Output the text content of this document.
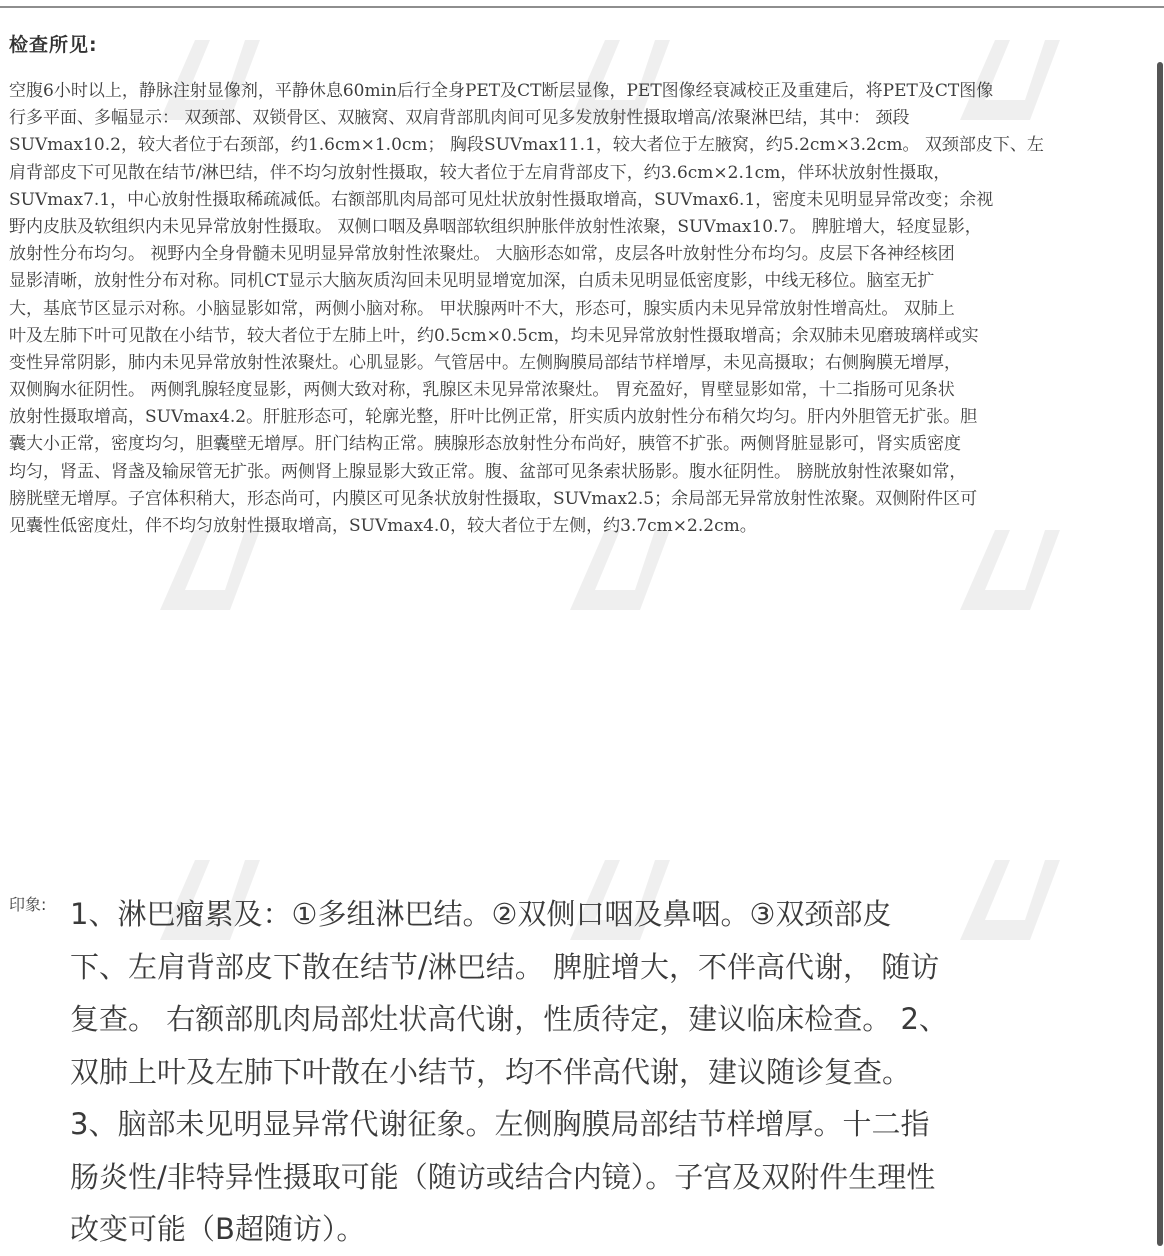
检查所见:
空腹6小时以上，静脉注射显像剂，平静休息60min后行全身PET及CT断层显像，PET图像经衰减校正及重建后，将PET及CT图像
行多平面、多幅显示： 双颈部、双锁骨区、双腋窝、双肩背部肌肉间可见多发放射性摄取增高/浓聚淋巴结，其中： 颈段
SUVmax10.2，较大者位于右颈部，约1.6cm×1.0cm； 胸段SUVmax11.1，较大者位于左腋窝，约5.2cm×3.2cm。 双颈部皮下、左
肩背部皮下可见散在结节/淋巴结，伴不均匀放射性摄取，较大者位于左肩背部皮下，约3.6cm×2.1cm，伴环状放射性摄取，
SUVmax7.1，中心放射性摄取稀疏减低。右额部肌肉局部可见灶状放射性摄取增高，SUVmax6.1，密度未见明显异常改变；余视
野内皮肤及软组织内未见异常放射性摄取。 双侧口咽及鼻咽部软组织肿胀伴放射性浓聚，SUVmax10.7。 脾脏增大，轻度显影，
放射性分布均匀。 视野内全身骨髓未见明显异常放射性浓聚灶。 大脑形态如常，皮层各叶放射性分布均匀。皮层下各神经核团
显影清晰，放射性分布对称。同机CT显示大脑灰质沟回未见明显增宽加深，白质未见明显低密度影，中线无移位。脑室无扩
大，基底节区显示对称。小脑显影如常，两侧小脑对称。 甲状腺两叶不大，形态可，腺实质内未见异常放射性增高灶。 双肺上
叶及左肺下叶可见散在小结节，较大者位于左肺上叶，约0.5cm×0.5cm，均未见异常放射性摄取增高；余双肺未见磨玻璃样或实
变性异常阴影，肺内未见异常放射性浓聚灶。心肌显影。气管居中。左侧胸膜局部结节样增厚，未见高摄取；右侧胸膜无增厚，
双侧胸水征阴性。 两侧乳腺轻度显影，两侧大致对称，乳腺区未见异常浓聚灶。 胃充盈好，胃壁显影如常，十二指肠可见条状
放射性摄取增高，SUVmax4.2。肝脏形态可，轮廓光整，肝叶比例正常，肝实质内放射性分布稍欠均匀。肝内外胆管无扩张。胆
囊大小正常，密度均匀，胆囊壁无增厚。肝门结构正常。胰腺形态放射性分布尚好，胰管不扩张。两侧肾脏显影可，肾实质密度
均匀，肾盂、肾盏及输尿管无扩张。两侧肾上腺显影大致正常。腹、盆部可见条索状肠影。腹水征阴性。 膀胱放射性浓聚如常，
膀胱壁无增厚。子宫体积稍大，形态尚可，内膜区可见条状放射性摄取，SUVmax2.5；余局部无异常放射性浓聚。双侧附件区可
见囊性低密度灶，伴不均匀放射性摄取增高，SUVmax4.0，较大者位于左侧，约3.7cm×2.2cm。
印象: 1、淋巴瘤累及：①多组淋巴结。②双侧口咽及鼻咽。③双颈部皮
下、左肩背部皮下散在结节/淋巴结。 脾脏增大，不伴高代谢， 随访
复查。 右额部肌肉局部灶状高代谢，性质待定，建议临床检查。 2、
双肺上叶及左肺下叶散在小结节，均不伴高代谢，建议随诊复查。
3、脑部未见明显异常代谢征象。左侧胸膜局部结节样增厚。十二指
肠炎性/非特异性摄取可能（随访或结合内镜）。子宫及双附件生理性
改变可能（B超随访）。
